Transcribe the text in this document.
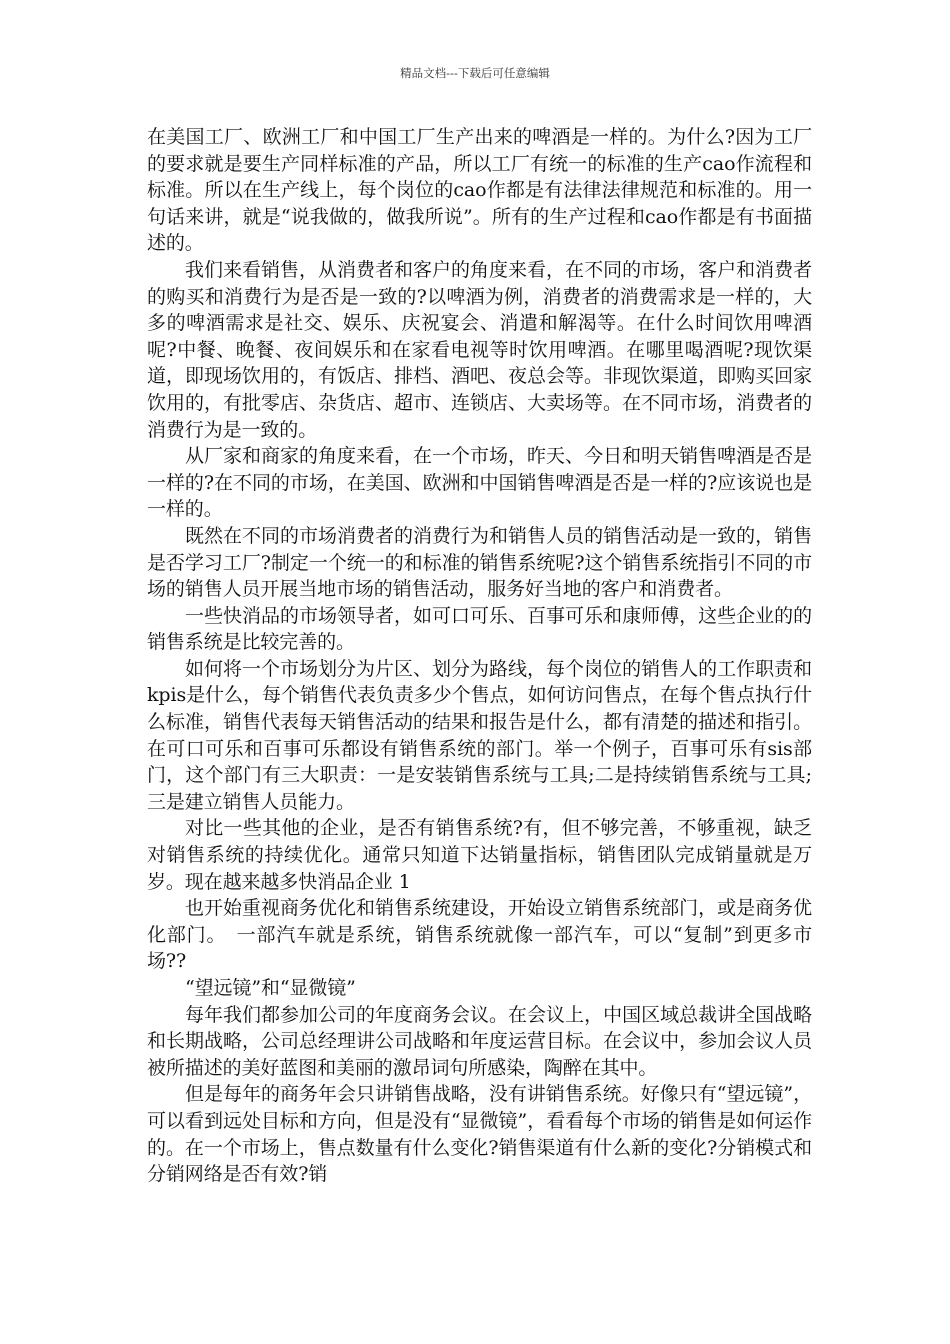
精品文档---下载后可任意编辑

在美国工厂、欧洲工厂和中国工厂生产出来的啤酒是一样的。为什么?因为工厂的要求就是要生产同样标准的产品，所以工厂有统一的标准的生产cao作流程和标准。所以在生产线上，每个岗位的cao作都是有法律法律规范和标准的。用一句话来讲，就是“说我做的，做我所说”。所有的生产过程和cao作都是有书面描述的。

我们来看销售，从消费者和客户的角度来看，在不同的市场，客户和消费者的购买和消费行为是否是一致的?以啤酒为例，消费者的消费需求是一样的，大多的啤酒需求是社交、娱乐、庆祝宴会、消遣和解渴等。在什么时间饮用啤酒呢?中餐、晚餐、夜间娱乐和在家看电视等时饮用啤酒。在哪里喝酒呢?现饮渠道，即现场饮用的，有饭店、排档、酒吧、夜总会等。非现饮渠道，即购买回家饮用的，有批零店、杂货店、超市、连锁店、大卖场等。在不同市场，消费者的消费行为是一致的。

从厂家和商家的角度来看，在一个市场，昨天、今日和明天销售啤酒是否是一样的?在不同的市场，在美国、欧洲和中国销售啤酒是否是一样的?应该说也是一样的。

既然在不同的市场消费者的消费行为和销售人员的销售活动是一致的，销售是否学习工厂?制定一个统一的和标准的销售系统呢?这个销售系统指引不同的市场的销售人员开展当地市场的销售活动，服务好当地的客户和消费者。

一些快消品的市场领导者，如可口可乐、百事可乐和康师傅，这些企业的的销售系统是比较完善的。

如何将一个市场划分为片区、划分为路线，每个岗位的销售人的工作职责和kpis是什么，每个销售代表负责多少个售点，如何访问售点，在每个售点执行什么标准，销售代表每天销售活动的结果和报告是什么，都有清楚的描述和指引。在可口可乐和百事可乐都设有销售系统的部门。举一个例子，百事可乐有sis部门，这个部门有三大职责：一是安装销售系统与工具;二是持续销售系统与工具;三是建立销售人员能力。

对比一些其他的企业，是否有销售系统?有，但不够完善，不够重视，缺乏对销售系统的持续优化。通常只知道下达销量指标，销售团队完成销量就是万岁。现在越来越多快消品企业 1

也开始重视商务优化和销售系统建设，开始设立销售系统部门，或是商务优化部门。　一部汽车就是系统，销售系统就像一部汽车，可以“复制”到更多市场??

“望远镜”和“显微镜”

每年我们都参加公司的年度商务会议。在会议上，中国区域总裁讲全国战略和长期战略，公司总经理讲公司战略和年度运营目标。在会议中，参加会议人员被所描述的美好蓝图和美丽的激昂词句所感染，陶醉在其中。

但是每年的商务年会只讲销售战略，没有讲销售系统。好像只有“望远镜”，可以看到远处目标和方向，但是没有“显微镜”，看看每个市场的销售是如何运作的。在一个市场上，售点数量有什么变化?销售渠道有什么新的变化?分销模式和分销网络是否有效?销
